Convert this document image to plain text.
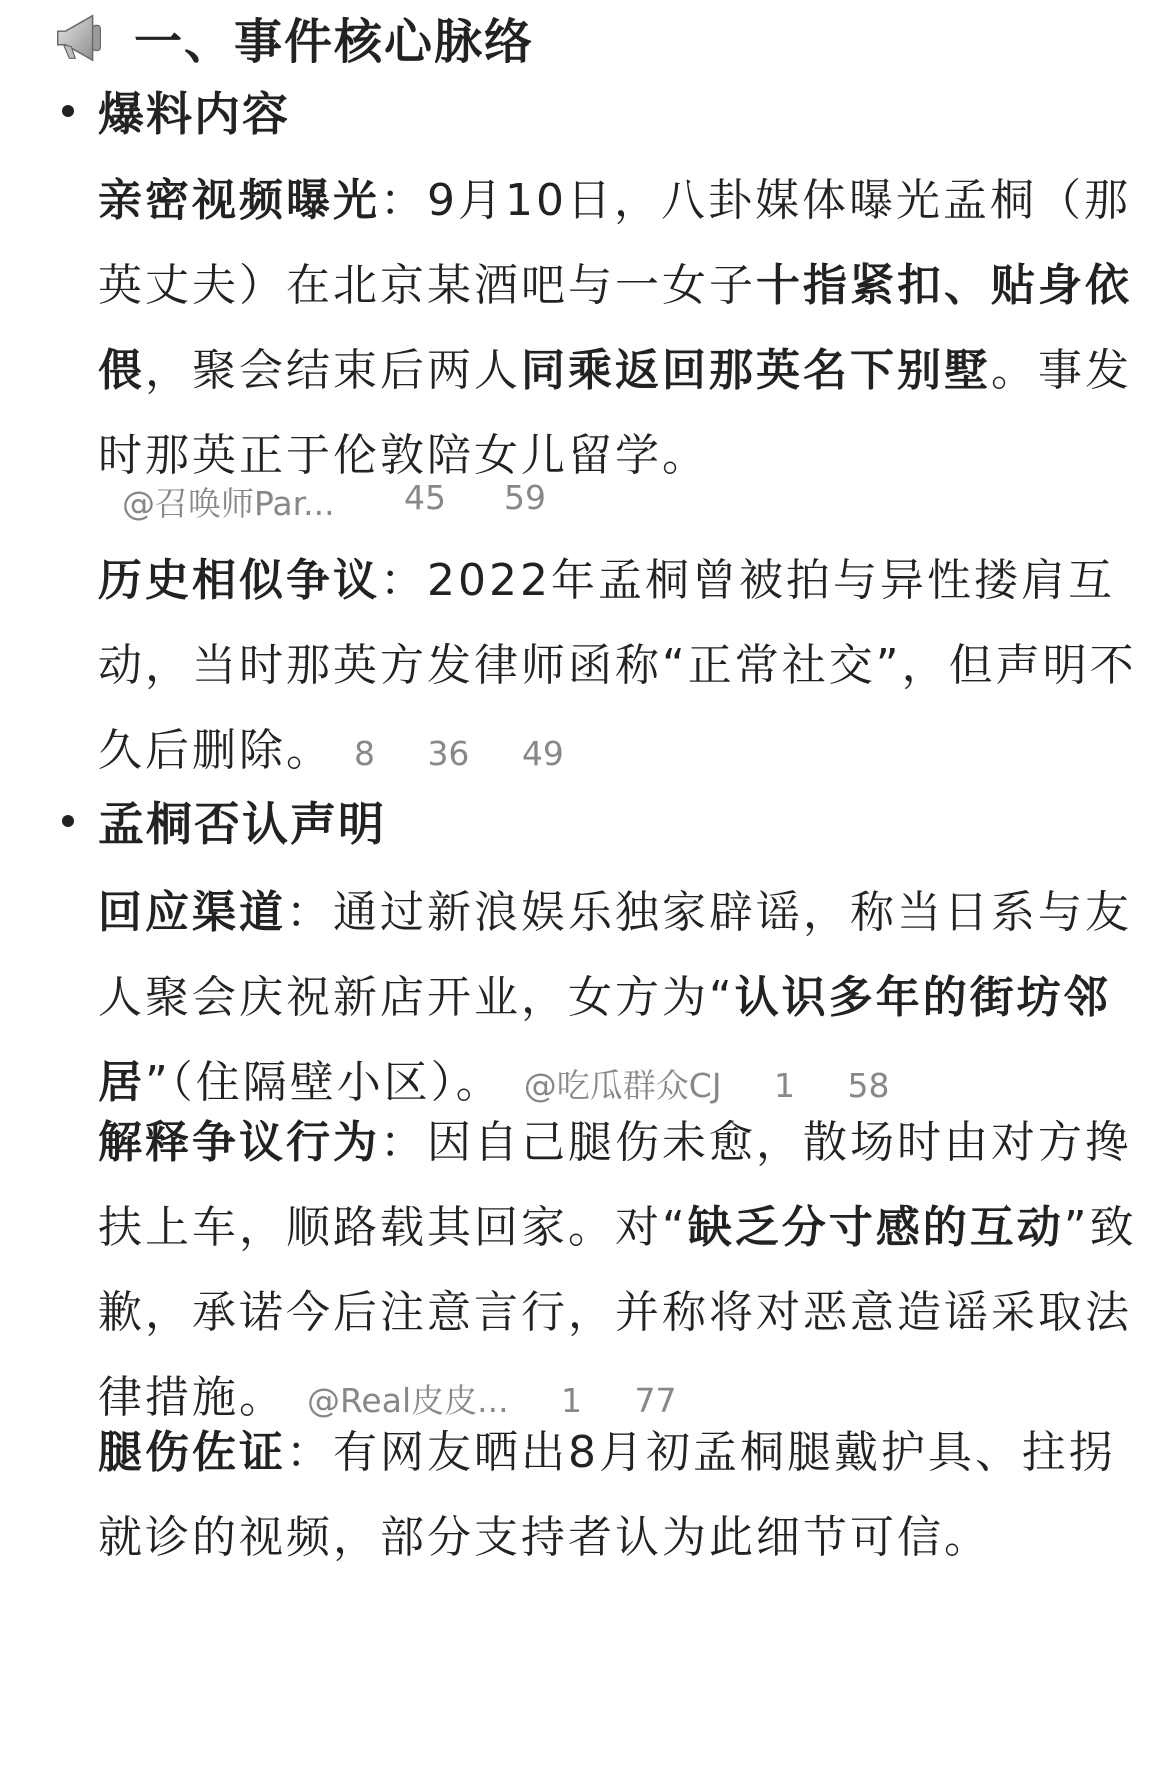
一、事件核心脉络
爆料内容

亲密视频曝光：9月10日，八卦媒体曝光孟桐（那英丈夫）在北京某酒吧与一女子十指紧扣、贴身依偎，聚会结束后两人同乘返回那英名下别墅。事发时那英正于伦敦陪女儿留学。

@召唤师Par... 45 59

历史相似争议：2022年孟桐曾被拍与异性搂肩互动，当时那英方发律师函称“正常社交”，但声明不久后删除。 8 36 49

孟桐否认声明

回应渠道：通过新浪娱乐独家辟谣，称当日系与友人聚会庆祝新店开业，女方为“认识多年的街坊邻居”（住隔壁小区）。 @吃瓜群众CJ 1 58

解释争议行为：因自己腿伤未愈，散场时由对方搀扶上车，顺路载其回家。对“缺乏分寸感的互动”致歉，承诺今后注意言行，并称将对恶意造谣采取法律措施。 @Real皮皮... 1 77

腿伤佐证：有网友晒出8月初孟桐腿戴护具、拄拐就诊的视频，部分支持者认为此细节可信。
